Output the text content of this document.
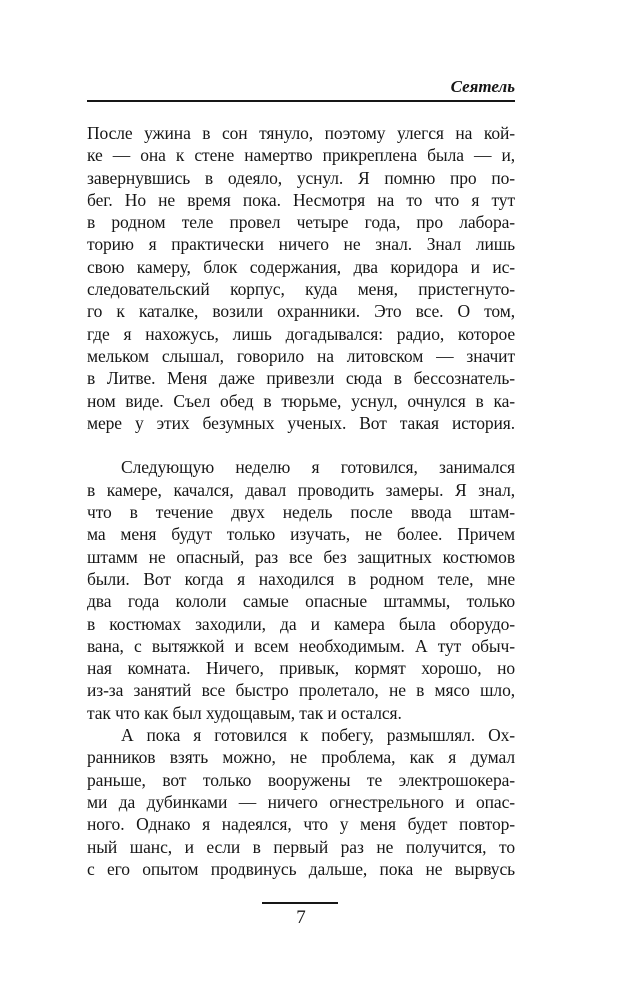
Сеятель
После ужина в сон тянуло, поэтому улегся на кой-
ке — она к стене намертво прикреплена была — и,
завернувшись в одеяло, уснул. Я помню про по-
бег. Но не время пока. Несмотря на то что я тут
в родном теле провел четыре года, про лабора-
торию я практически ничего не знал. Знал лишь
свою камеру, блок содержания, два коридора и ис-
следовательский корпус, куда меня, пристегнуто-
го к каталке, возили охранники. Это все. О том,
где я нахожусь, лишь догадывался: радио, которое
мельком слышал, говорило на литовском — значит
в Литве. Меня даже привезли сюда в бессознатель-
ном виде. Съел обед в тюрьме, уснул, очнулся в ка-
мере у этих безумных ученых. Вот такая история.
Следующую неделю я готовился, занимался
в камере, качался, давал проводить замеры. Я знал,
что в течение двух недель после ввода штам-
ма меня будут только изучать, не более. Причем
штамм не опасный, раз все без защитных костюмов
были. Вот когда я находился в родном теле, мне
два года кололи самые опасные штаммы, только
в костюмах заходили, да и камера была оборудо-
вана, с вытяжкой и всем необходимым. А тут обыч-
ная комната. Ничего, привык, кормят хорошо, но
из-за занятий все быстро пролетало, не в мясо шло,
так что как был худощавым, так и остался.
А пока я готовился к побегу, размышлял. Ох-
ранников взять можно, не проблема, как я думал
раньше, вот только вооружены те электрошокера-
ми да дубинками — ничего огнестрельного и опас-
ного. Однако я надеялся, что у меня будет повтор-
ный шанс, и если в первый раз не получится, то
с его опытом продвинусь дальше, пока не вырвусь
7
